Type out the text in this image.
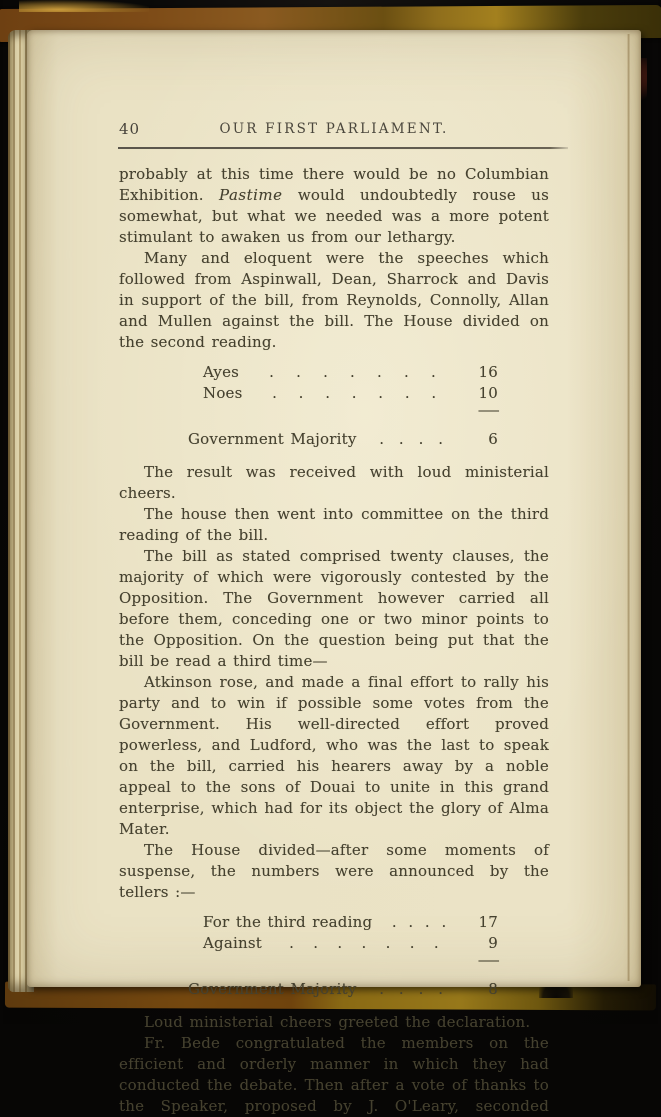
40	OUR FIRST PARLIAMENT.

probably at this time there would be no Columbian Exhibition. Pastime would undoubtedly rouse us somewhat, but what we needed was a more potent stimulant to awaken us from our lethargy.

Many and eloquent were the speeches which followed from Aspinwall, Dean, Sharrock and Davis in support of the bill, from Reynolds, Connolly, Allan and Mullen against the bill. The House divided on the second reading.

Ayes . . . . . . .	16
Noes . . . . . . .	10
—
Government Majority . . . .	6

The result was received with loud ministerial cheers.

The house then went into committee on the third reading of the bill.

The bill as stated comprised twenty clauses, the majority of which were vigorously contested by the Opposition. The Government however carried all before them, conceding one or two minor points to the Opposition. On the question being put that the bill be read a third time—

Atkinson rose, and made a final effort to rally his party and to win if possible some votes from the Government. His well-directed effort proved powerless, and Ludford, who was the last to speak on the bill, carried his hearers away by a noble appeal to the sons of Douai to unite in this grand enterprise, which had for its object the glory of Alma Mater.

The House divided—after some moments of suspense, the numbers were announced by the tellers :—

For the third reading . . . .	17
Against . . . . . . .	9
—
Government Majority . . . .	8

Loud ministerial cheers greeted the declaration.

Fr. Bede congratulated the members on the efficient and orderly manner in which they had conducted the debate. Then after a vote of thanks to the Speaker, proposed by J. O'Leary, seconded
